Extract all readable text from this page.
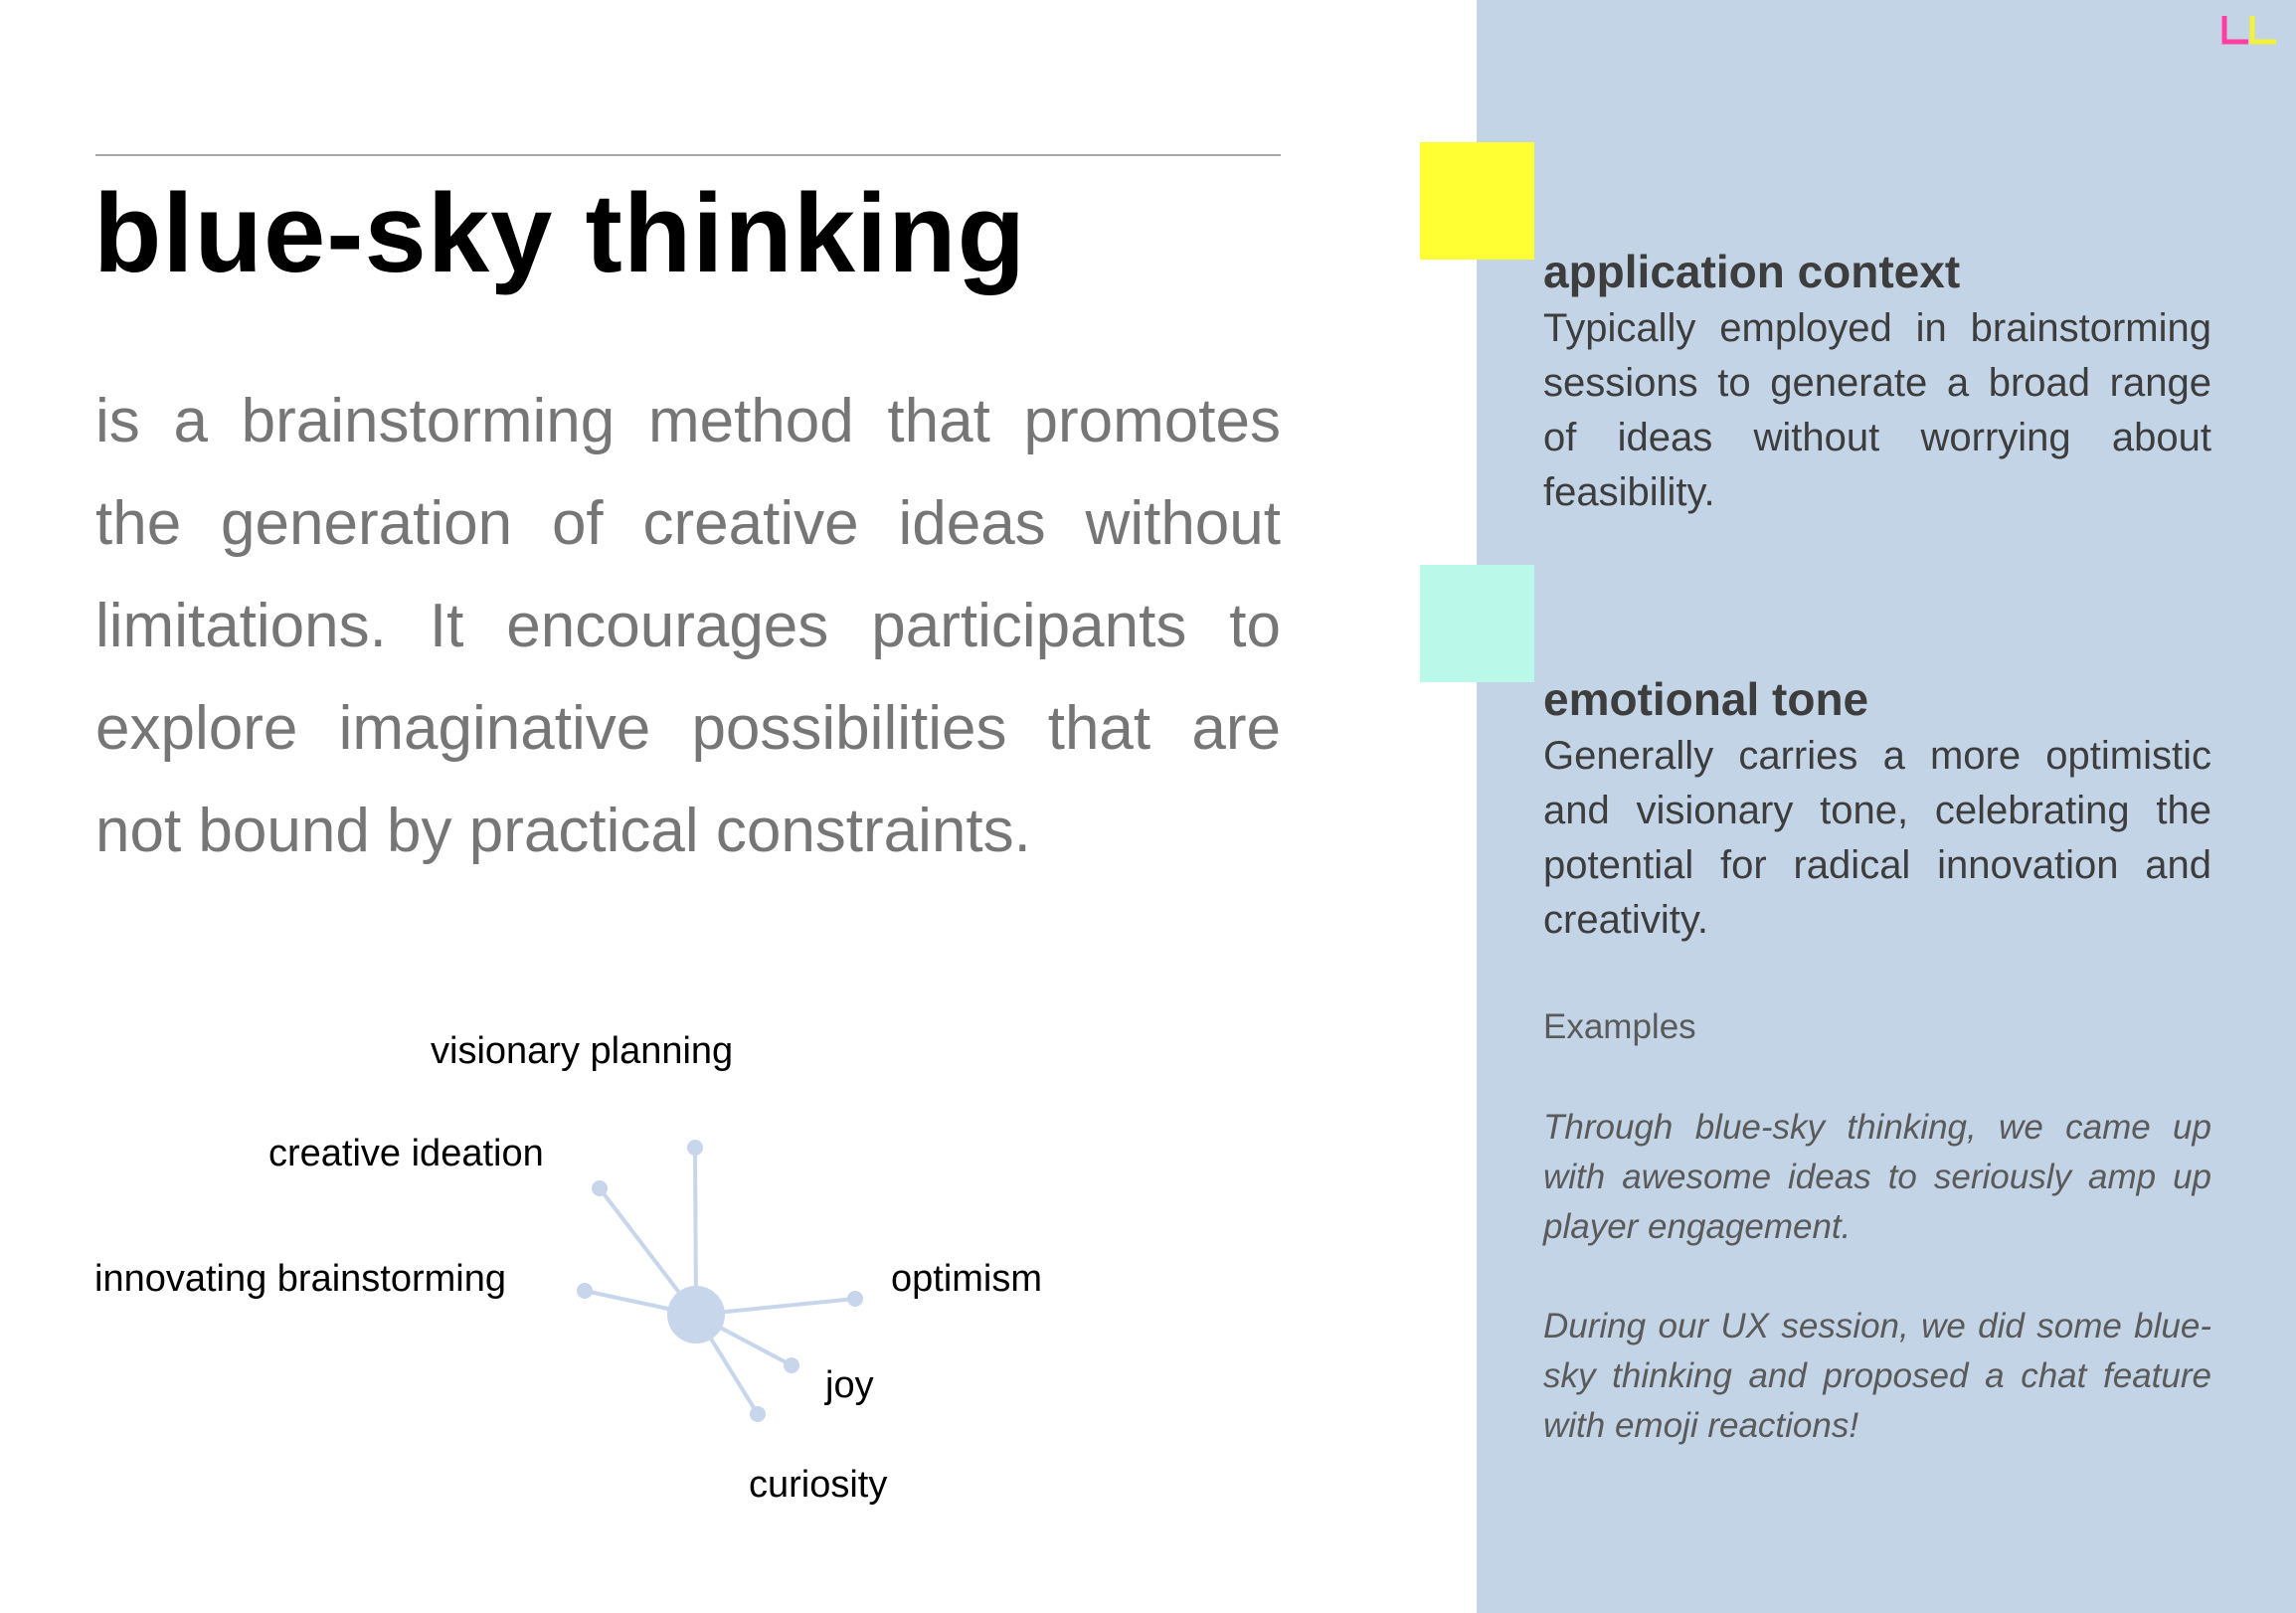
blue-sky thinking
is a brainstorming method that promotes the generation of creative ideas without limitations. It encourages participants to explore imaginative possibilities that are not bound by practical constraints.
visionary planning
creative ideation
innovating brainstorming	optimism
joy
curiosity
application context
Typically employed in brainstorming sessions to generate a broad range of ideas without worrying about feasibility.
emotional tone
Generally carries a more optimistic and visionary tone, celebrating the potential for radical innovation and creativity.
Examples
Through blue-sky thinking, we came up with awesome ideas to seriously amp up player engagement.
During our UX session, we did some blue-sky thinking and proposed a chat feature with emoji reactions!
